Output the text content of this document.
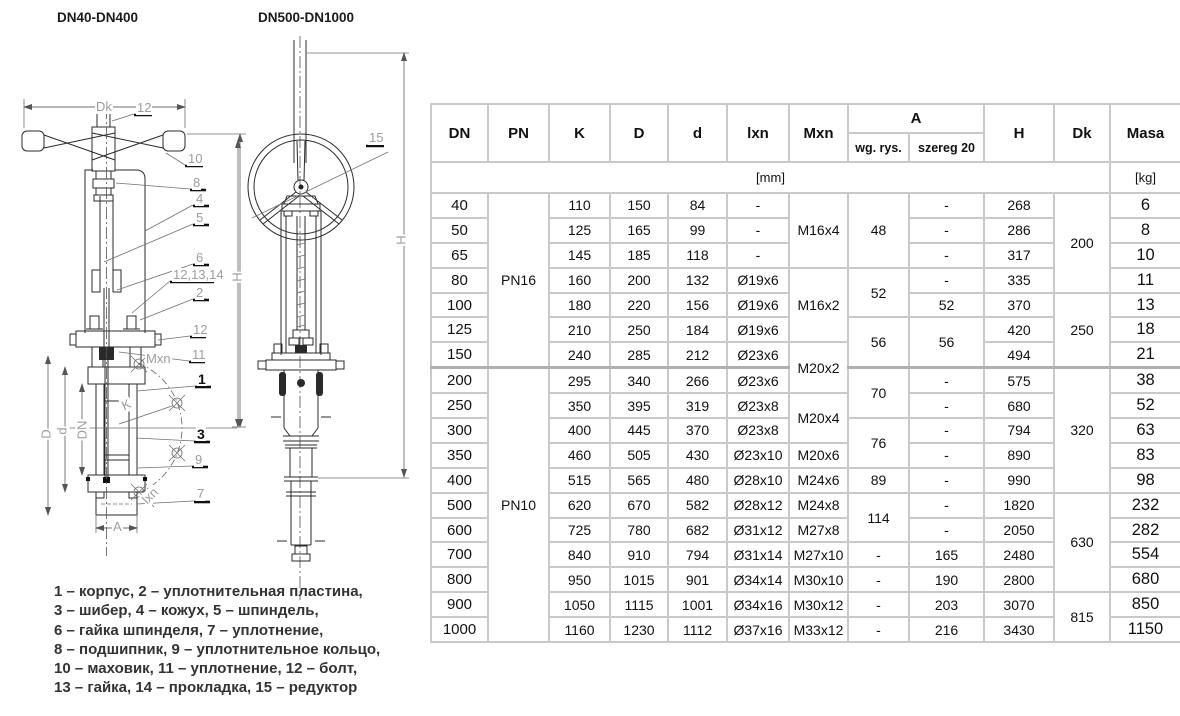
DN40-DN400	DN500-DN1000
12
10
8
4
5
6
12,13,14
2
12
11
1
3
9
7
15
Dk
D d DN
A
K
Mxn
lxn
H
H
DN	PN	K	D	d	lxn	Mxn	A		H	Dk	Masa
							wg. rys.	szereg 20			
[mm]											[kg]
40	PN16	110	150	84	-	M16x4	48	-	268	200	6
50		125	165	99	-			-	286		8
65		145	185	118	-			-	317		10
80		160	200	132	Ø19x6	M16x2	52	-	335		11
100		180	220	156	Ø19x6			52	370	250	13
125		210	250	184	Ø19x6		56	56	420		18
150		240	285	212	Ø23x6	M20x2			494		21
200	PN10	295	340	266	Ø23x6		70	-	575	320	38
250		350	395	319	Ø23x8	M20x4		-	680		52
300		400	445	370	Ø23x8		76	-	794		63
350		460	505	430	Ø23x10	M20x6		-	890		83
400		515	565	480	Ø28x10	M24x6	89	-	990		98
500		620	670	582	Ø28x12	M24x8	114	-	1820	630	232
600		725	780	682	Ø31x12	M27x8		-	2050		282
700		840	910	794	Ø31x14	M27x10	-	165	2480		554
800		950	1015	901	Ø34x14	M30x10	-	190	2800		680
900		1050	1115	1001	Ø34x16	M30x12	-	203	3070	815	850
1000		1160	1230	1112	Ø37x16	M33x12	-	216	3430		1150
1 – корпус, 2 – уплотнительная пластина,
3 – шибер, 4 – кожух, 5 – шпиндель,
6 – гайка шпинделя, 7 – уплотнение,
8 – подшипник, 9 – уплотнительное кольцо,
10 – маховик, 11 – уплотнение, 12 – болт,
13 – гайка, 14 – прокладка, 15 – редуктор
